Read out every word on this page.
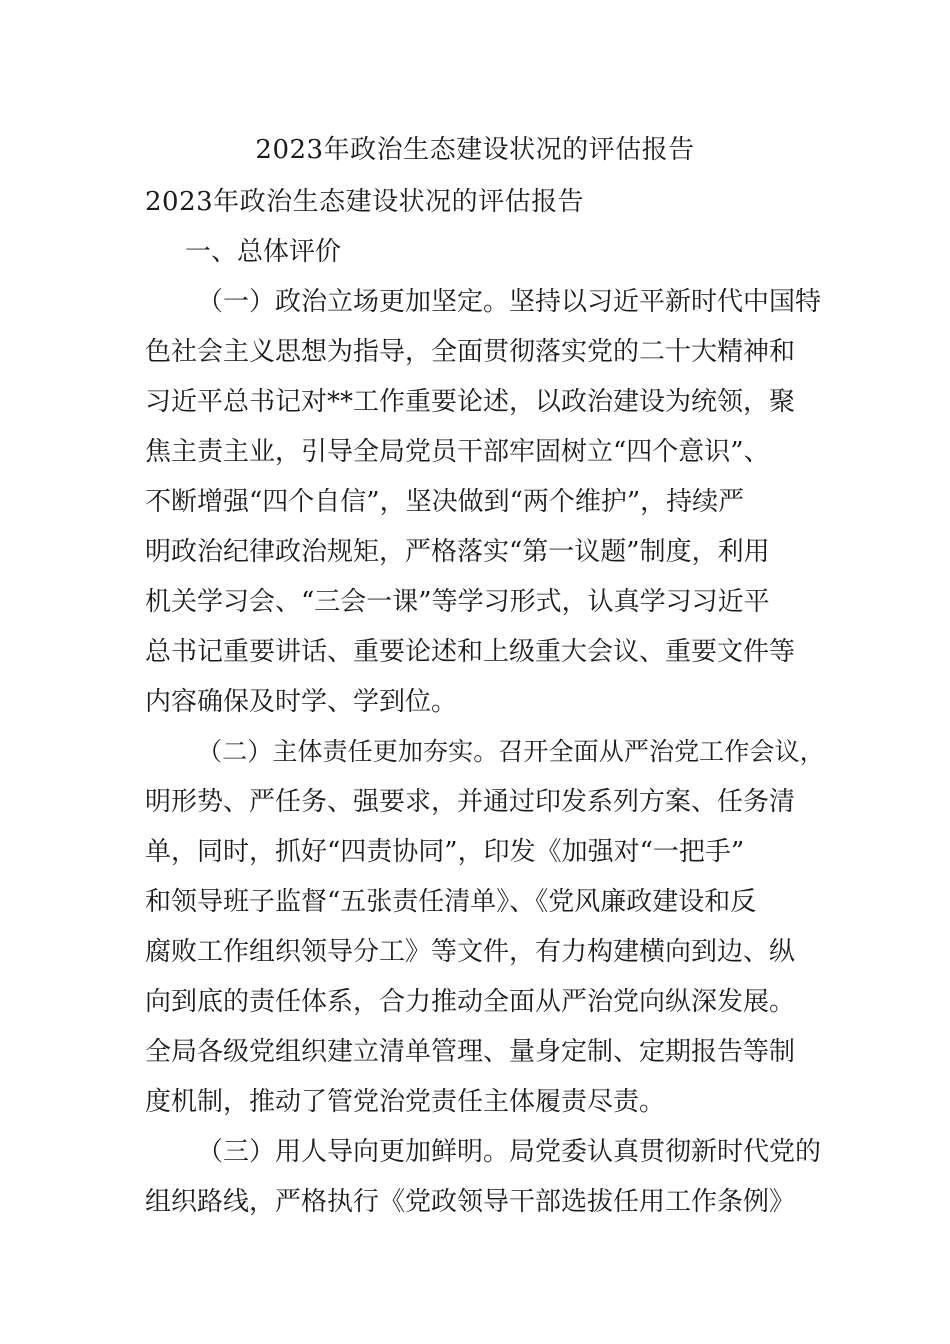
2023年政治生态建设状况的评估报告
2023年政治生态建设状况的评估报告
一、总体评价
（一）政治立场更加坚定。坚持以习近平新时代中国特
色社会主义思想为指导，全面贯彻落实党的二十大精神和
习近平总书记对**工作重要论述，以政治建设为统领，聚
焦主责主业，引导全局党员干部牢固树立“四个意识”、
不断增强“四个自信”，坚决做到“两个维护”，持续严
明政治纪律政治规矩，严格落实“第一议题”制度，利用
机关学习会、“三会一课”等学习形式，认真学习习近平
总书记重要讲话、重要论述和上级重大会议、重要文件等
内容确保及时学、学到位。
（二）主体责任更加夯实。召开全面从严治党工作会议，
明形势、严任务、强要求，并通过印发系列方案、任务清
单，同时，抓好“四责协同”，印发《加强对“一把手”
和领导班子监督“五张责任清单》、《党风廉政建设和反
腐败工作组织领导分工》等文件，有力构建横向到边、纵
向到底的责任体系，合力推动全面从严治党向纵深发展。
全局各级党组织建立清单管理、量身定制、定期报告等制
度机制，推动了管党治党责任主体履责尽责。
（三）用人导向更加鲜明。局党委认真贯彻新时代党的
组织路线，严格执行《党政领导干部选拔任用工作条例》
